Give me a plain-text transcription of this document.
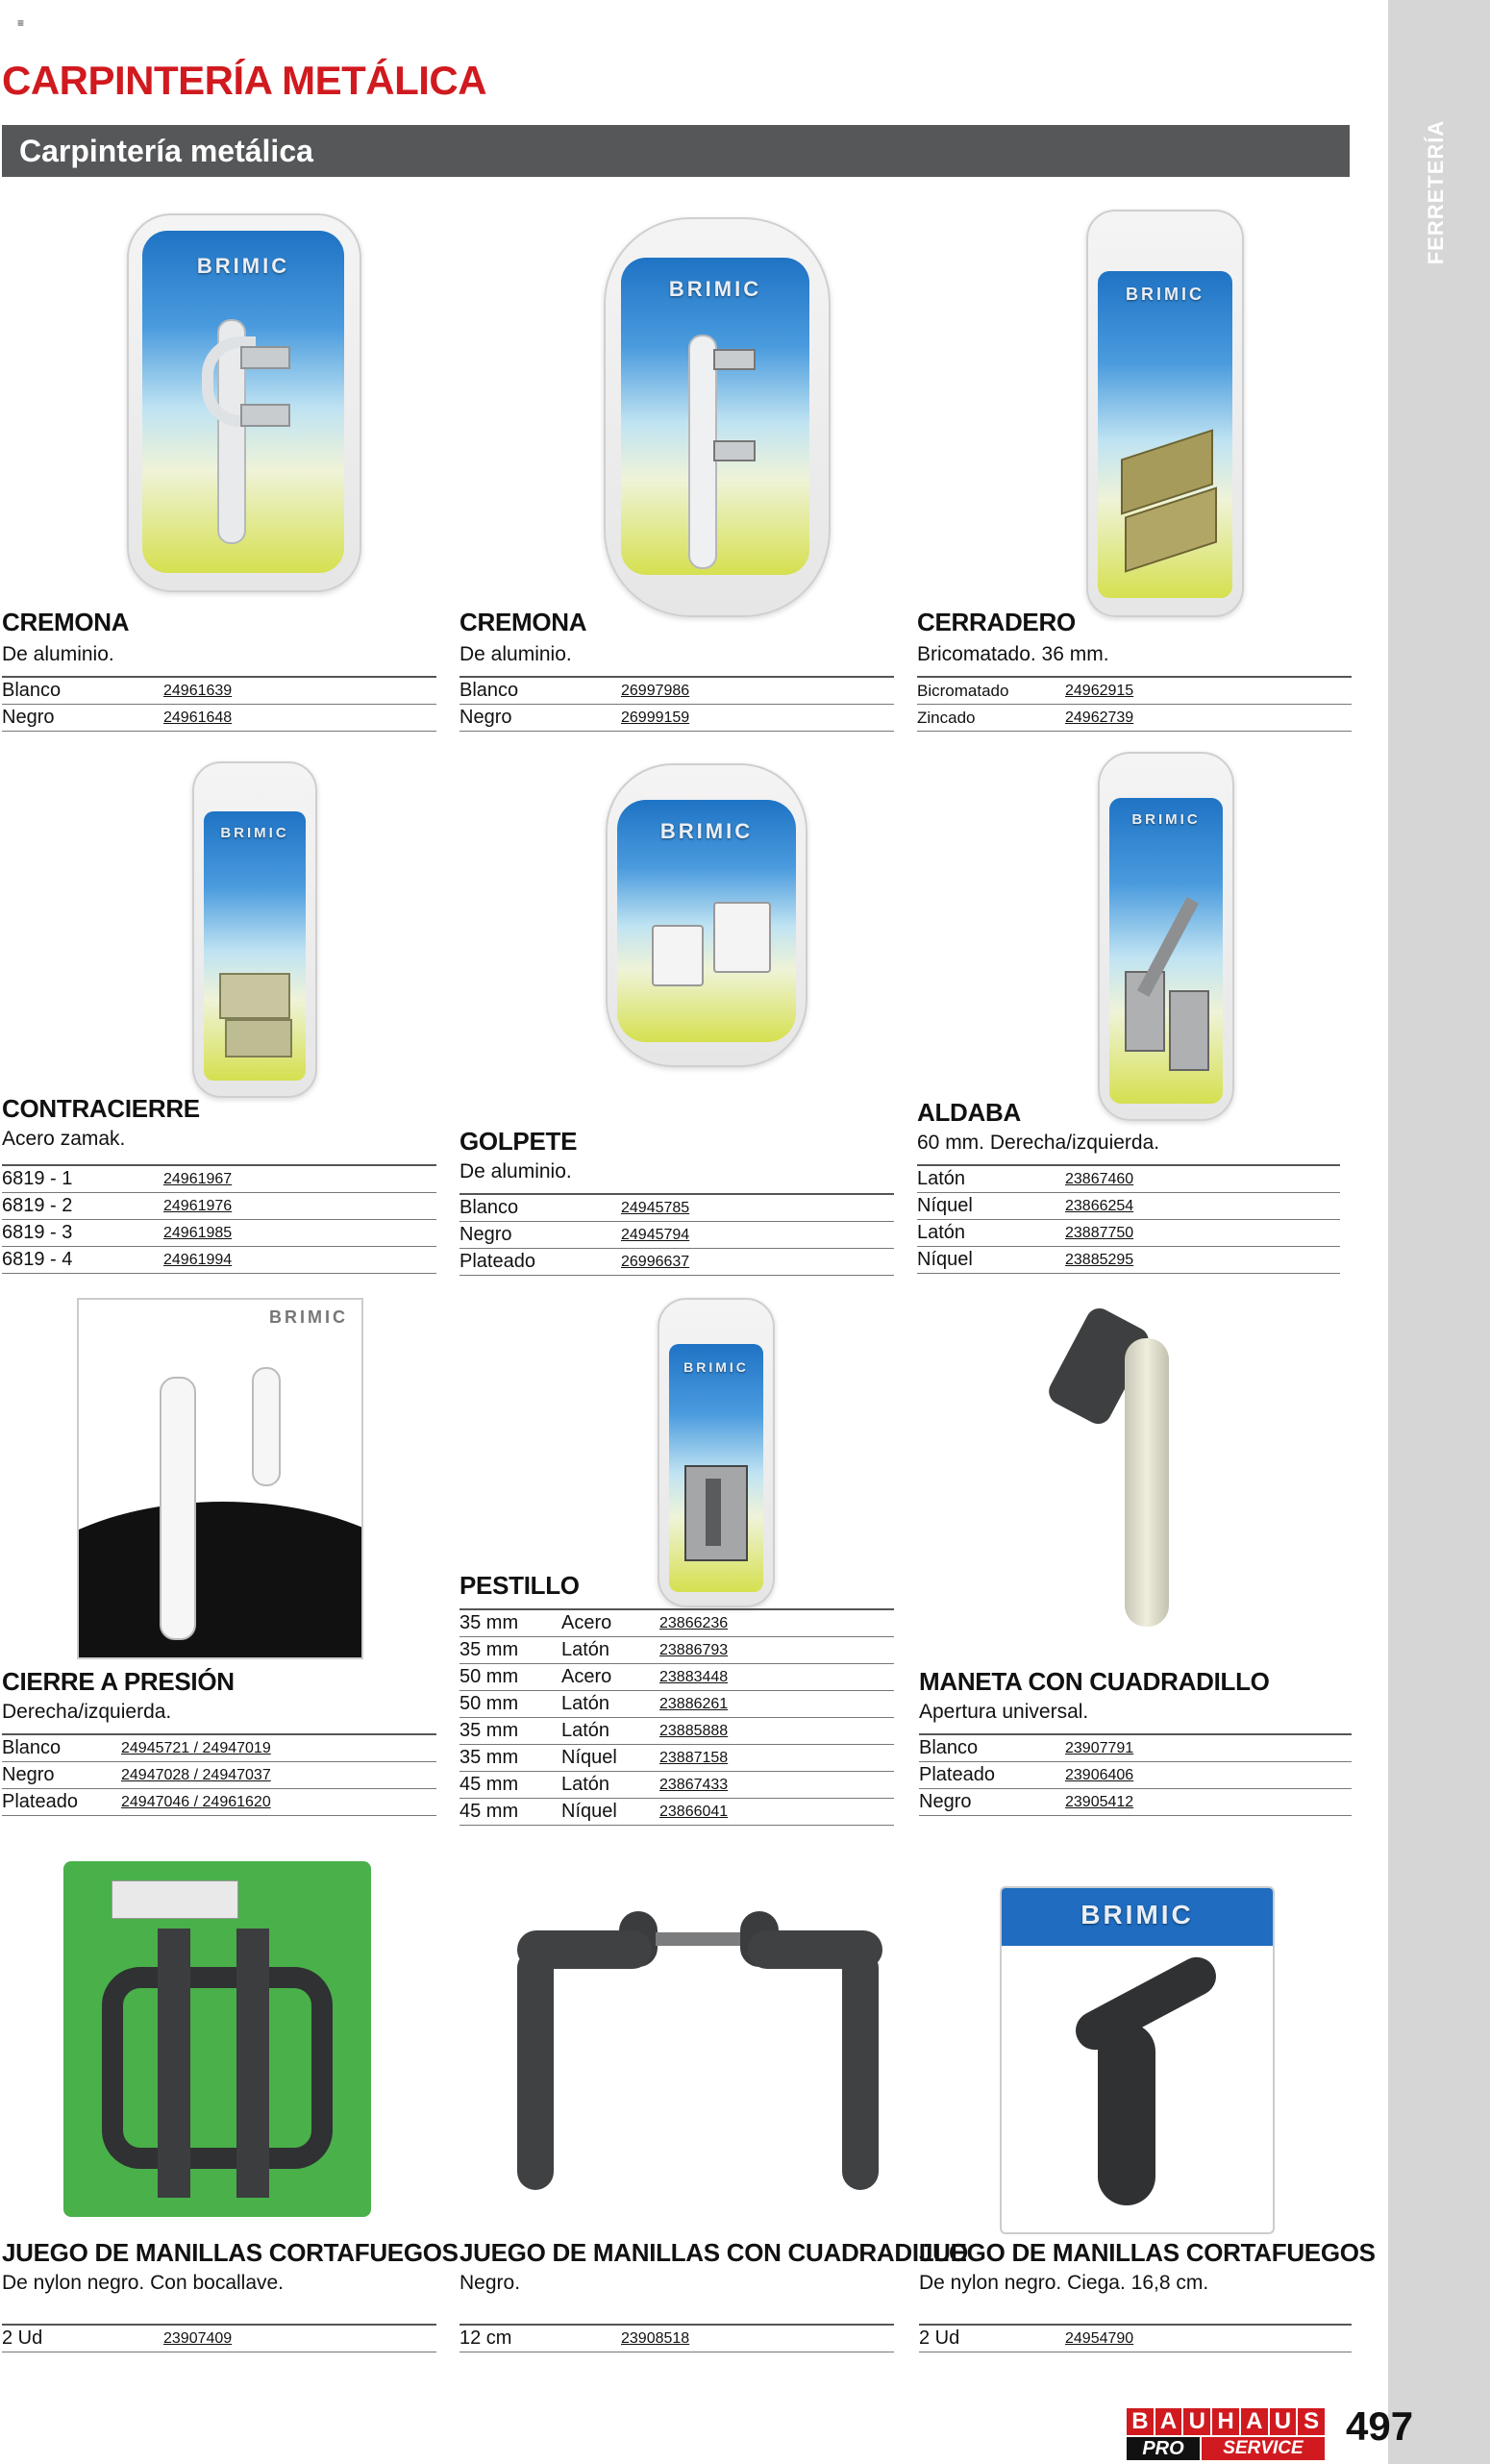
≡
CARPINTERÍA METÁLICA
Carpintería metálica	FERRETERÍA
BRIMIC
BRIMIC	BRIMIC
CREMONA
De aluminio.
Blanco	24961639
Negro	24961648
CREMONA
De aluminio.
Blanco	26997986
Negro	26999159
CERRADERO
Bricomatado. 36 mm.
Bicromatado	24962915
Zincado	24962739
BRIMIC	BRIMIC	BRIMIC
CONTRACIERRE
Acero zamak.
6819 - 1	24961967
6819 - 2	24961976
6819 - 3	24961985
6819 - 4	24961994
GOLPETE
De aluminio.
Blanco	24945785
Negro	24945794
Plateado	26996637
ALDABA
60 mm. Derecha/izquierda.
Latón	23867460
Níquel	23866254
Latón	23887750
Níquel	23885295
BRIMIC
BRIMIC
CIERRE A PRESIÓN
Derecha/izquierda.
Blanco	24945721 / 24947019
Negro	24947028 / 24947037
Plateado	24947046 / 24961620
PESTILLO
35 mm Acero	23866236
35 mm Latón	23886793
50 mm Acero	23883448
50 mm Latón	23886261
35 mm Latón	23885888
35 mm Níquel	23887158
45 mm Latón	23867433
45 mm Níquel	23866041
MANETA CON CUADRADILLO
Apertura universal.
Blanco	23907791
Plateado	23906406
Negro	23905412
BRIMIC
JUEGO DE MANILLAS CORTAFUEGOS
De nylon negro. Con bocallave.
2 Ud	23907409
JUEGO DE MANILLAS CON CUADRADILLO
Negro.
12 cm	23908518
JUEGO DE MANILLAS CORTAFUEGOS
De nylon negro. Ciega. 16,8 cm.
2 Ud	24954790
B A U H A U S
PRO	SERVICE	497
